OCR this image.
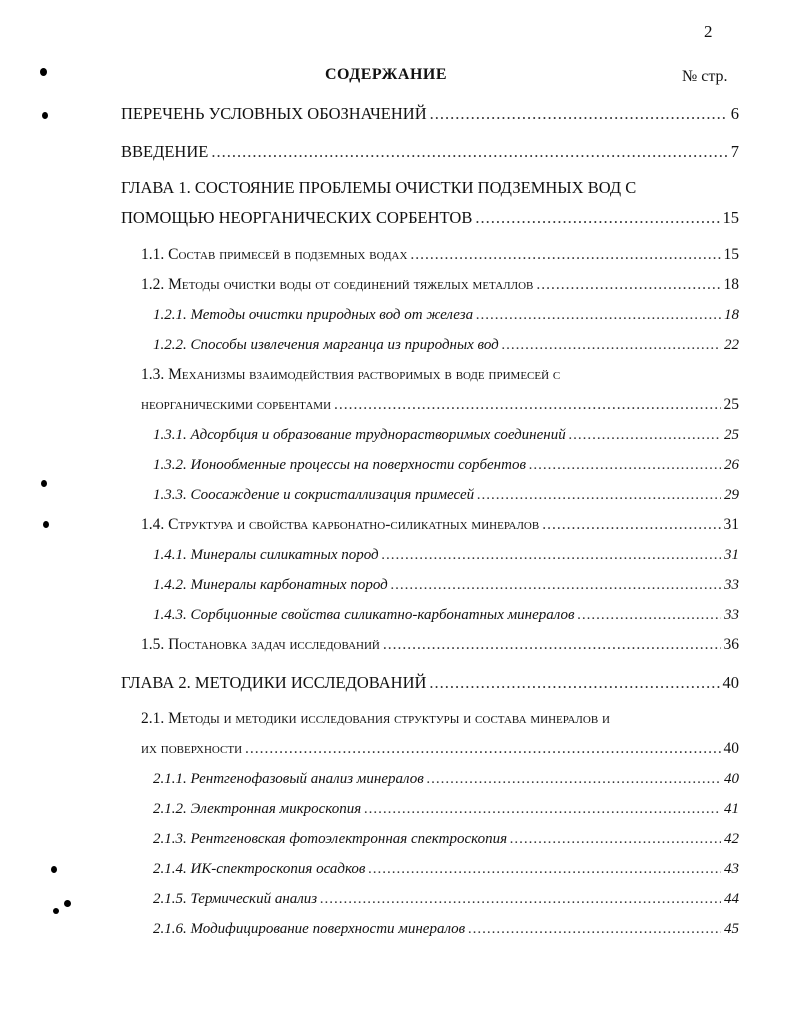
2
СОДЕРЖАНИЕ	№ стр.
ПЕРЕЧЕНЬ УСЛОВНЫХ ОБОЗНАЧЕНИЙ .....	6
ВВЕДЕНИЕ .....	7
ГЛАВА 1. СОСТОЯНИЕ ПРОБЛЕМЫ ОЧИСТКИ ПОДЗЕМНЫХ ВОД С
ПОМОЩЬЮ НЕОРГАНИЧЕСКИХ СОРБЕНТОВ .....	15
1.1. Состав примесей в подземных водах .....	15
1.2. Методы очистки воды от соединений тяжелых металлов .....	18
1.2.1. Методы очистки природных вод от железа .....	18
1.2.2. Способы извлечения марганца из природных вод .....	22
1.3. Механизмы взаимодействия растворимых в воде примесей с
неорганическими сорбентами .....	25
1.3.1. Адсорбция и образование труднорастворимых соединений .....	25
1.3.2. Ионообменные процессы на поверхности сорбентов .....	26
1.3.3. Соосаждение и сокристаллизация примесей .....	29
1.4. Структура и свойства карбонатно-силикатных минералов .....	31
1.4.1. Минералы силикатных пород .....	31
1.4.2. Минералы карбонатных пород .....	33
1.4.3. Сорбционные свойства силикатно-карбонатных минералов .....	33
1.5. Постановка задач исследований .....	36
ГЛАВА 2. МЕТОДИКИ ИССЛЕДОВАНИЙ .....	40
2.1. Методы и методики исследования структуры и состава минералов и
их поверхности .....	40
2.1.1. Рентгенофазовый анализ минералов .....	40
2.1.2. Электронная микроскопия .....	41
2.1.3. Рентгеновская фотоэлектронная спектроскопия .....	42
2.1.4. ИК-спектроскопия осадков .....	43
2.1.5. Термический анализ .....	44
2.1.6. Модифицирование поверхности минералов .....	45
